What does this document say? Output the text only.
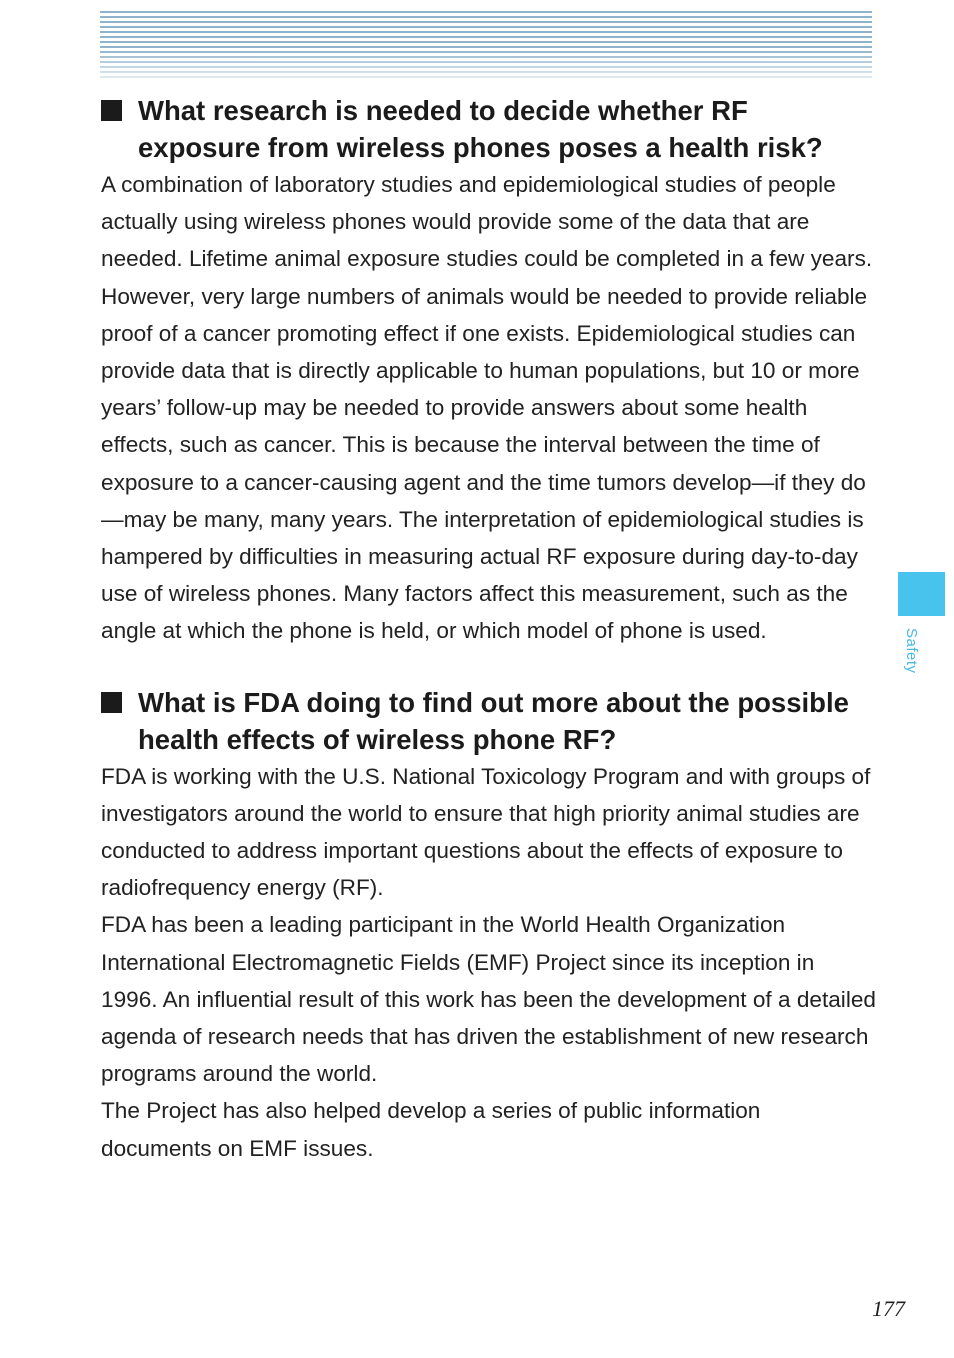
What research is needed to decide whether RF exposure from wireless phones poses a health risk?

A combination of laboratory studies and epidemiological studies of people actually using wireless phones would provide some of the data that are needed. Lifetime animal exposure studies could be completed in a few years. However, very large numbers of animals would be needed to provide reliable proof of a cancer promoting effect if one exists. Epidemiological studies can provide data that is directly applicable to human populations, but 10 or more years’ follow-up may be needed to provide answers about some health effects, such as cancer. This is because the interval between the time of exposure to a cancer-causing agent and the time tumors develop—if they do—may be many, many years. The interpretation of epidemiological studies is hampered by difficulties in measuring actual RF exposure during day-to-day use of wireless phones. Many factors affect this measurement, such as the angle at which the phone is held, or which model of phone is used.

What is FDA doing to find out more about the possible health effects of wireless phone RF?

FDA is working with the U.S. National Toxicology Program and with groups of investigators around the world to ensure that high priority animal studies are conducted to address important questions about the effects of exposure to radiofrequency energy (RF).

FDA has been a leading participant in the World Health Organization International Electromagnetic Fields (EMF) Project since its inception in 1996. An influential result of this work has been the development of a detailed agenda of research needs that has driven the establishment of new research programs around the world.

The Project has also helped develop a series of public information documents on EMF issues.

Safety
177
